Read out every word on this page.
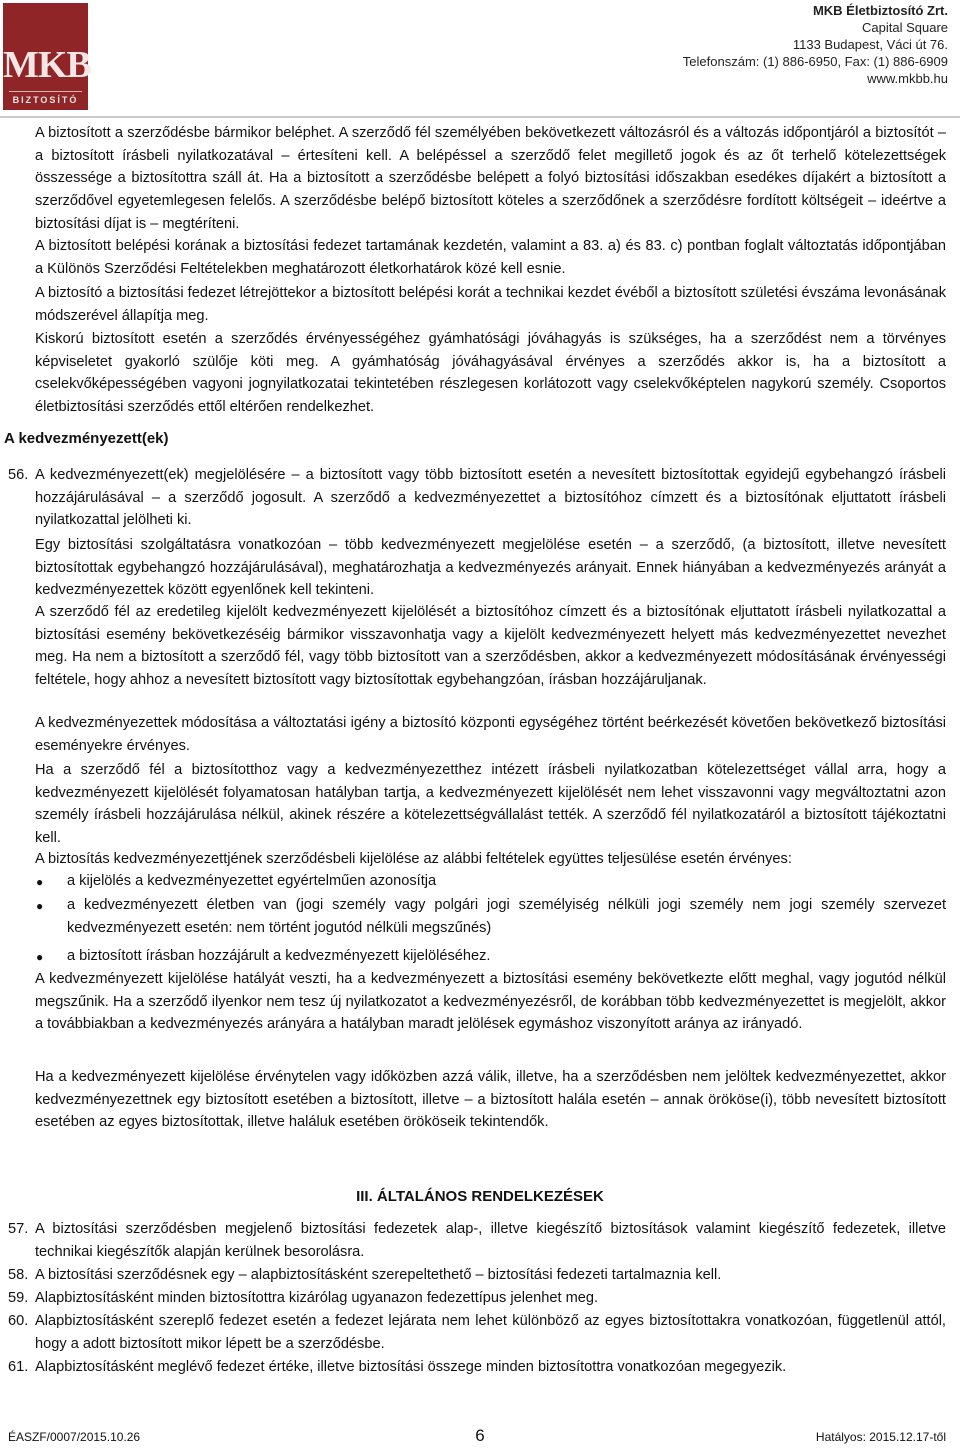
MKB
BIZTOSÍTÓ
MKB Életbiztosító Zrt.
Capital Square
1133 Budapest, Váci út 76.
Telefonszám: (1) 886-6950, Fax: (1) 886-6909
www.mkbb.hu

A biztosított a szerződésbe bármikor beléphet. A szerződő fél személyében bekövetkezett változásról és a változás időpontjáról a biztosítót – a biztosított írásbeli nyilatkozatával – értesíteni kell. A belépéssel a szerződő felet megillető jogok és az őt terhelő kötelezettségek összessége a biztosítottra száll át. Ha a biztosított a szerződésbe belépett a folyó biztosítási időszakban esedékes díjakért a biztosított a szerződővel egyetemlegesen felelős. A szerződésbe belépő biztosított köteles a szerződőnek a szerződésre fordított költségeit – ideértve a biztosítási díjat is – megtéríteni.

A biztosított belépési korának a biztosítási fedezet tartamának kezdetén, valamint a 83. a) és 83. c) pontban foglalt változtatás időpontjában a Különös Szerződési Feltételekben meghatározott életkorhatárok közé kell esnie.

A biztosító a biztosítási fedezet létrejöttekor a biztosított belépési korát a technikai kezdet évéből a biztosított születési évszáma levonásának módszerével állapítja meg.

Kiskorú biztosított esetén a szerződés érvényességéhez gyámhatósági jóváhagyás is szükséges, ha a szerződést nem a törvényes képviseletet gyakorló szülője köti meg. A gyámhatóság jóváhagyásával érvényes a szerződés akkor is, ha a biztosított a cselekvőképességében vagyoni jognyilatkozatai tekintetében részlegesen korlátozott vagy cselekvőképtelen nagykorú személy. Csoportos életbiztosítási szerződés ettől eltérően rendelkezhet.

A kedvezményezett(ek)
56. A kedvezményezett(ek) megjelölésére – a biztosított vagy több biztosított esetén a nevesített biztosítottak egyidejű egybehangzó írásbeli hozzájárulásával – a szerződő jogosult. A szerződő a kedvezményezettet a biztosítóhoz címzett és a biztosítónak eljuttatott írásbeli nyilatkozattal jelölheti ki.

Egy biztosítási szolgáltatásra vonatkozóan – több kedvezményezett megjelölése esetén – a szerződő, (a biztosított, illetve nevesített biztosítottak egybehangzó hozzájárulásával), meghatározhatja a kedvezményezés arányait. Ennek hiányában a kedvezményezés arányát a kedvezményezettek között egyenlőnek kell tekinteni.

A szerződő fél az eredetileg kijelölt kedvezményezett kijelölését a biztosítóhoz címzett és a biztosítónak eljuttatott írásbeli nyilatkozattal a biztosítási esemény bekövetkezéséig bármikor visszavonhatja vagy a kijelölt kedvezményezett helyett más kedvezményezettet nevezhet meg. Ha nem a biztosított a szerződő fél, vagy több biztosított van a szerződésben, akkor a kedvezményezett módosításának érvényességi feltétele, hogy ahhoz a nevesített biztosított vagy biztosítottak egybehangzóan, írásban hozzájáruljanak.

A kedvezményezettek módosítása a változtatási igény a biztosító központi egységéhez történt beérkezését követően bekövetkező biztosítási eseményekre érvényes.

Ha a szerződő fél a biztosítotthoz vagy a kedvezményezetthez intézett írásbeli nyilatkozatban kötelezettséget vállal arra, hogy a kedvezményezett kijelölését folyamatosan hatályban tartja, a kedvezményezett kijelölését nem lehet visszavonni vagy megváltoztatni azon személy írásbeli hozzájárulása nélkül, akinek részére a kötelezettségvállalást tették. A szerződő fél nyilatkozatáról a biztosított tájékoztatni kell.

A biztosítás kedvezményezettjének szerződésbeli kijelölése az alábbi feltételek együttes teljesülése esetén érvényes:

● a kijelölés a kedvezményezettet egyértelműen azonosítja

● a kedvezményezett életben van (jogi személy vagy polgári jogi személyiség nélküli jogi személy nem jogi személy szervezet kedvezményezett esetén: nem történt jogutód nélküli megszűnés)

● a biztosított írásban hozzájárult a kedvezményezett kijelöléséhez.

A kedvezményezett kijelölése hatályát veszti, ha a kedvezményezett a biztosítási esemény bekövetkezte előtt meghal, vagy jogutód nélkül megszűnik. Ha a szerződő ilyenkor nem tesz új nyilatkozatot a kedvezményezésről, de korábban több kedvezményezettet is megjelölt, akkor a továbbiakban a kedvezményezés arányára a hatályban maradt jelölések egymáshoz viszonyított aránya az irányadó.

Ha a kedvezményezett kijelölése érvénytelen vagy időközben azzá válik, illetve, ha a szerződésben nem jelöltek kedvezményezettet, akkor kedvezményezettnek egy biztosított esetében a biztosított, illetve – a biztosított halála esetén – annak örököse(i), több nevesített biztosított esetében az egyes biztosítottak, illetve haláluk esetében örököseik tekintendők.

III. ÁLTALÁNOS RENDELKEZÉSEK
57. A biztosítási szerződésben megjelenő biztosítási fedezetek alap-, illetve kiegészítő biztosítások valamint kiegészítő fedezetek, illetve technikai kiegészítők alapján kerülnek besorolásra.

58. A biztosítási szerződésnek egy – alapbiztosításként szerepeltethető – biztosítási fedezeti tartalmaznia kell.

59. Alapbiztosításként minden biztosítottra kizárólag ugyanazon fedezettípus jelenhet meg.

60. Alapbiztosításként szereplő fedezet esetén a fedezet lejárata nem lehet különböző az egyes biztosítottakra vonatkozóan, függetlenül attól, hogy a adott biztosított mikor lépett be a szerződésbe.

61. Alapbiztosításként meglévő fedezet értéke, illetve biztosítási összege minden biztosítottra vonatkozóan megegyezik.

ÉASZF/0007/2015.10.26	6	Hatályos: 2015.12.17-től
